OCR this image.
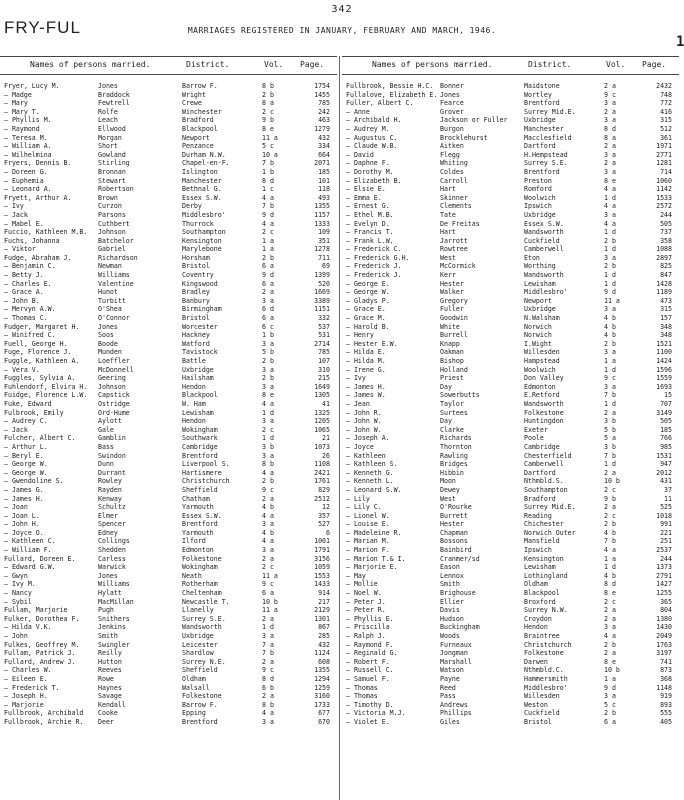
342
FRY-FUL	MARRIAGES REGISTERED IN JANUARY, FEBRUARY AND MARCH, 1946.
1
Names of persons married.	District.	Vol. Page.	Names of persons married.	District.	Vol. Page.
Fryer, Lucy M.	Jones	Barrow F.	8 b	1754
— Madge	Braddock	Wright	2 b	1455
— Mary	Fewtrell	Crewe	8 a	785
— Mary T.	Rolfe	Winchester	2 c	242
— Phyllis M.	Leach	Bradford	9 b	463
— Raymond	Ellwood	Blackpool	8 e	1279
— Teresa M.	Morgan	Newport	11 a	432
— William A.	Short	Penzance	5 c	334
— Wilhelmina	Gowland	Durham N.W.	10 a	664
Fryers, Dennis B.	Stirling	Chapel-en-F.	7 b	2071
— Doreen G.	Bronnan	Islington	1 b	185
— Euphemia	Stewart	Manchester	8 d	101
— Leonard A.	Robertson	Bethnal G.	1 c	118
Fryett, Arthur A.	Brown	Essex S.W.	4 a	493
— Ivy	Curzon	Derby	7 b	1355
— Jack	Parsons	Middlesbro'	9 d	1157
— Mabel E.	Cuthbert	Thurrock	4 a	1333
Fuccio, Kathleen M.B.	Johnson	Southampton	2 c	109
Fuchs, Johanna	Batchelor	Kensington	1 a	351
— Viktor	Gabriel	Marylebone	1 a	1278
Fudge, Abraham J.	Richardson	Horsham	2 b	711
— Benjamin C.	Newman	Bristol	6 a	69
— Betty J.	Williams	Coventry	9 d	1399
— Charles E.	Valentine	Kingswood	6 a	520
— Grace A.	Hunot	Bradley	2 a	1669
— John B.	Turbitt	Banbury	3 a	3389
— Mervyn A.W.	O'Shea	Birmingham	6 d	1151
— Thomas C.	O'Connor	Bristol	6 a	332
Fudger, Margaret H.	Jones	Worcester	6 c	537
— Winifred C.	Soos	Hackney	1 b	531
Fuell, George H.	Boode	Watford	3 a	2714
Fuge, Florence J.	Munden	Tavistock	5 b	785
Fuggle, Kathleen A.	Loeffler	Battle	2 b	107
— Vera V.	McDonnell	Uxbridge	3 a	310
Fuggles, Sylvia A.	Geering	Hailsham	2 b	215
Fuhlendorf, Elvira H.	Johnson	Hendon	3 a	1649
Fuidge, Florence L.W.	Capstick	Blackpool	8 e	1305
Fuke, Edward	Ostridge	W. Ham	4 a	41
Fulbrook, Emily	Ord-Hume	Lewisham	1 d	1325
— Audrey C.	Aylott	Hendon	3 a	1205
— Jack	Gale	Wokingham	2 c	1065
Fulcher, Albert C.	Gamblin	Southwark	1 d	21
— Arthur L.	Bass	Cambridge	3 b	1073
— Beryl E.	Swindon	Brentford	3 a	26
— George W.	Dunn	Liverpool S.	8 b	1108
— George W.	Durrant	Hartismere	4 a	2421
— Gwendoline S.	Rowley	Christchurch	2 b	1761
— James G.	Rayden	Sheffield	9 c	829
— James H.	Kenway	Chatham	2 a	2512
— Joan	Schultz	Yarmouth	4 b	12
— Joan L.	Elmer	Essex S.W.	4 a	357
— John H.	Spencer	Brentford	3 a	527
— Joyce O.	Edney	Yarmouth	4 b	6
— Kathleen C.	Collings	Ilford	4 a	1001
— William F.	Shedden	Edmonton	3 a	1791
Fullard, Doreen E.	Carless	Folkestone	2 a	3156
— Edward G.W.	Warwick	Wokingham	2 c	1059
— Gwyn	Jones	Neath	11 a	1553
— Ivy M.	Williams	Rotherham	9 c	1433
— Nancy	Hylatt	Cheltenham	6 a	914
— Sybil	MacMillan	Newcastle T.	10 b	217
Fullam, Marjorie	Pugh	Llanelly	11 a	2129
Fulker, Dorothea F.	Snithers	Surrey S.E.	2 a	1301
— Hilda V.K.	Jenkins	Wandsworth	1 d	867
— John	Smith	Uxbridge	3 a	285
Fulkes, Geoffrey M.	Swingler	Leicester	7 a	432
Fullam, Patrick J.	Reilly	Shardlow	7 b	1124
Fullard, Andrew J.	Hutton	Surrey N.E.	2 a	608
— Charles W.	Reeves	Sheffield	9 c	1355
— Eileen E.	Rowe	Oldham	8 d	1294
— Frederick T.	Haynes	Walsall	6 b	1259
— Joseph H.	Savage	Folkestone	2 a	3160
— Marjorie	Kendall	Barrow F.	8 b	1733
Fullbrook, Archibald	Cooke	Epping	4 a	677
Fullbrook, Archie R.	Deer	Brentford	3 a	670
Fullbrook, Bessie H.C.	Bonner	Maidstone	2 a	2432
Fullalove, Elizabeth E. Jones	Wortley	9 c	748
Fuller, Albert C.	Fearce	Brentford	3 a	772
— Anne	Grover	Surrey Mid.E.	2 a	416
— Archibald H.	Jackson or Fuller	Uxbridge	3 a	315
— Audrey M.	Burgon	Manchester	8 d	512
— Augustus C.	Brocklehurst	Macclesfield	8 a	361
— Claude W.B.	Aitken	Dartford	2 a	1971
— David	Flegg	H.Hempstead	3 a	2771
— Daphne F.	Whiting	Surrey S.E.	2 a	1281
— Dorothy M.	Coldes	Brentford	3 a	714
— Elizabeth B.	Carroll	Preston	8 e	1060
— Elsie E.	Hart	Romford	4 a	1142
— Emma E.	Skinner	Woolwich	1 d	1533
— Ernest G.	Clements	Ipswich	4 a	2572
— Ethel M.B.	Tate	Uxbridge	3 a	244
— Evelyn D.	De Freitas	Essex S.W.	4 a	505
— Francis T.	Hart	Wandsworth	1 d	737
— Frank L.W.	Jarrott	Cuckfield	2 b	358
— Frederick C.	Rowtree	Camberwell	1 d	1088
— Frederick G.H.	West	Eton	3 a	2897
— Frederick J.	McCormick	Worthing	2 b	825
— Frederick J.	Kerr	Wandsworth	1 d	847
— George E.	Hester	Lewisham	1 d	1428
— George W.	Walker	Middlesbro'	9 d	1189
— Gladys P.	Gregory	Newport	11 a	473
— Grace E.	Fuller	Uxbridge	3 a	315
— Grace M.	Goodwin	N.Walsham	4 b	157
— Harold B.	White	Norwich	4 b	348
— Henry	Burrell	Norwich	4 b	348
— Hester E.W.	Knapp	I.Wight	2 b	1521
— Hilda E.	Oakman	Willesden	3 a	1100
— Hilda M.	Bishop	Hampstead	1 a	1424
— Irene G.	Holland	Woolwich	1 d	1596
— Ivy	Priest	Don Valley	9 c	1559
— James H.	Day	Edmonton	3 a	1693
— James W.	Sowerbutts	E.Retford	7 b	15
— Jean	Taylor	Wandsworth	1 d	707
— John R.	Surtees	Folkestone	2 a	3149
— John W.	Day	Huntingdon	3 b	505
— John W.	Clarke	Exeter	5 b	185
— Joseph A.	Richards	Poole	5 a	766
— Joyce	Thornton	Cambridge	3 b	985
— Kathleen	Rawling	Chesterfield	7 b	1531
— Kathleen S.	Bridges	Camberwell	1 d	947
— Kenneth G.	Hibbin	Dartford	2 a	2012
— Kenneth L.	Moon	Nthmbld.S.	10 b	431
— Leonard S.W.	Dewey	Southampton	2 c	37
— Lily	West	Bradford	9 b	11
— Lily C.	O'Rourke	Surrey Mid.E.	2 a	525
— Lionel W.	Burrett	Reading	2 c	1018
— Louise E.	Hester	Chichester	2 b	991
— Madeleine R.	Chapman	Norwich Outer	4 b	221
— Marian M.	Bossons	Mansfield	7 b	251
— Marion F.	Bainbird	Ipswich	4 a	2537
— Marion T.& I.	Cranmer/sd	Kensington	1 a	244
— Marjorie E.	Eason	Lewisham	1 d	1373
— May	Lennox	Lothingland	4 b	2791
— Mollie	Smith	Oldham	8 d	1427
— Noel W.	Brighouse	Blackpool	8 e	1255
— Peter J.	Ellier	Broxford	2 c	365
— Peter R.	Davis	Surrey N.W.	2 a	804
— Phyllis E.	Hudson	Croydon	2 a	1380
— Priscilla	Buckingham	Hendon	3 a	1430
— Ralph J.	Woods	Braintree	4 a	2049
— Raymond F.	Furneaux	Christchurch	2 b	1763
— Reginald G.	Jongman	Folkestone	2 a	3197
— Robert F.	Marshall	Darwen	8 e	741
— Russell C.	Watson	Nthmbld.C.	10 b	873
— Samuel F.	Payne	Hammersmith	1 a	368
— Thomas	Reed	Middlesbro'	9 d	1148
— Thomas	Pass	Willesden	3 a	919
— Timothy D.	Andrews	Weston	5 c	893
— Victoria M.J.	Phillips	Cuckfield	2 b	555
— Violet E.	Giles	Bristol	6 a	405
